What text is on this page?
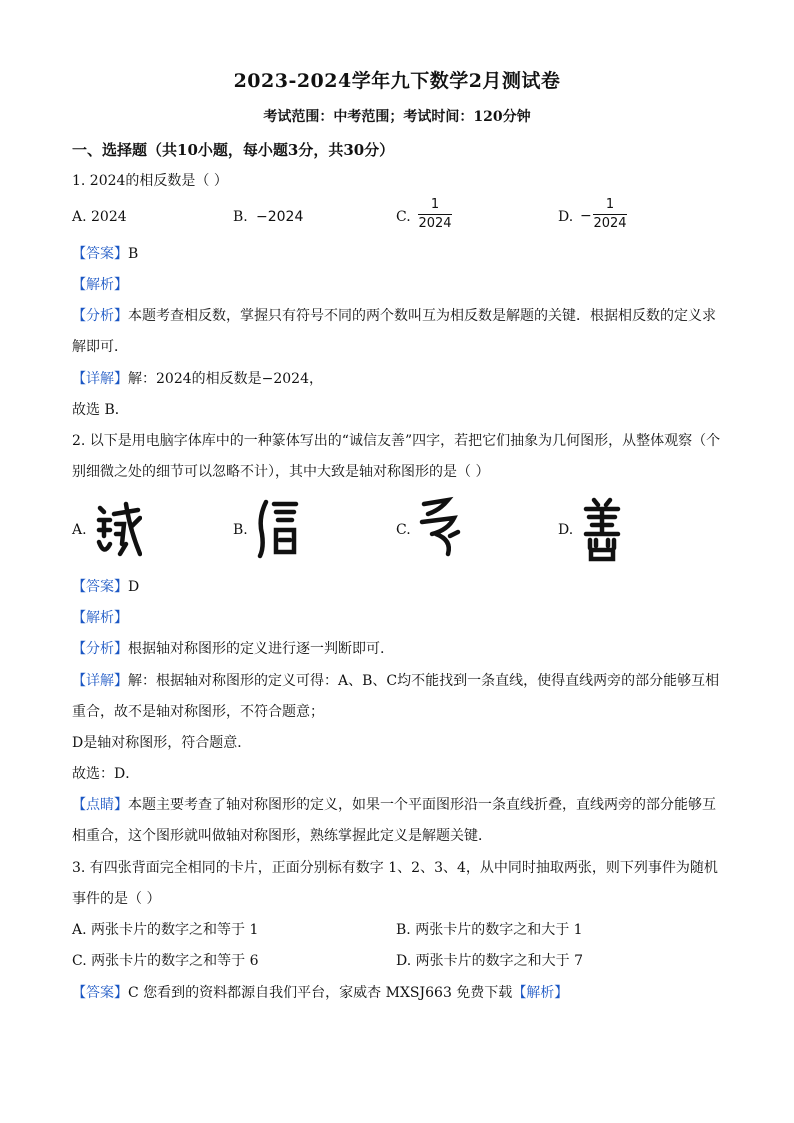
2023-2024学年九下数学2月测试卷
考试范围：中考范围；考试时间：120分钟
一、选择题（共10小题，每小题3分，共30分）
1. 2024的相反数是（ ）
A. 2024	B. −2024	C.
1
2024	D. −
1
2024
【答案】B
【解析】
【分析】本题考查相反数，掌握只有符号不同的两个数叫互为相反数是解题的关键．根据相反数的定义求
解即可．
【详解】解：2024的相反数是−2024，
故选 B．
2. 以下是用电脑字体库中的一种篆体写出的“诚信友善”四字，若把它们抽象为几何图形，从整体观察（个
别细微之处的细节可以忽略不计），其中大致是轴对称图形的是（ ）
A.	B.	C.	D.
【答案】D
【解析】
【分析】根据轴对称图形的定义进行逐一判断即可.
【详解】解：根据轴对称图形的定义可得：A、B、C均不能找到一条直线，使得直线两旁的部分能够互相
重合，故不是轴对称图形，不符合题意；
D是轴对称图形，符合题意．
故选：D．
【点睛】本题主要考查了轴对称图形的定义，如果一个平面图形沿一条直线折叠，直线两旁的部分能够互
相重合，这个图形就叫做轴对称图形，熟练掌握此定义是解题关键．
3. 有四张背面完全相同的卡片，正面分别标有数字 1、2、3、4，从中同时抽取两张，则下列事件为随机
事件的是（ ）
A. 两张卡片的数字之和等于 1	B. 两张卡片的数字之和大于 1
C. 两张卡片的数字之和等于 6	D. 两张卡片的数字之和大于 7
【答案】C 您看到的资料都源自我们平台，家威杏 MXSJ663 免费下载【解析】
